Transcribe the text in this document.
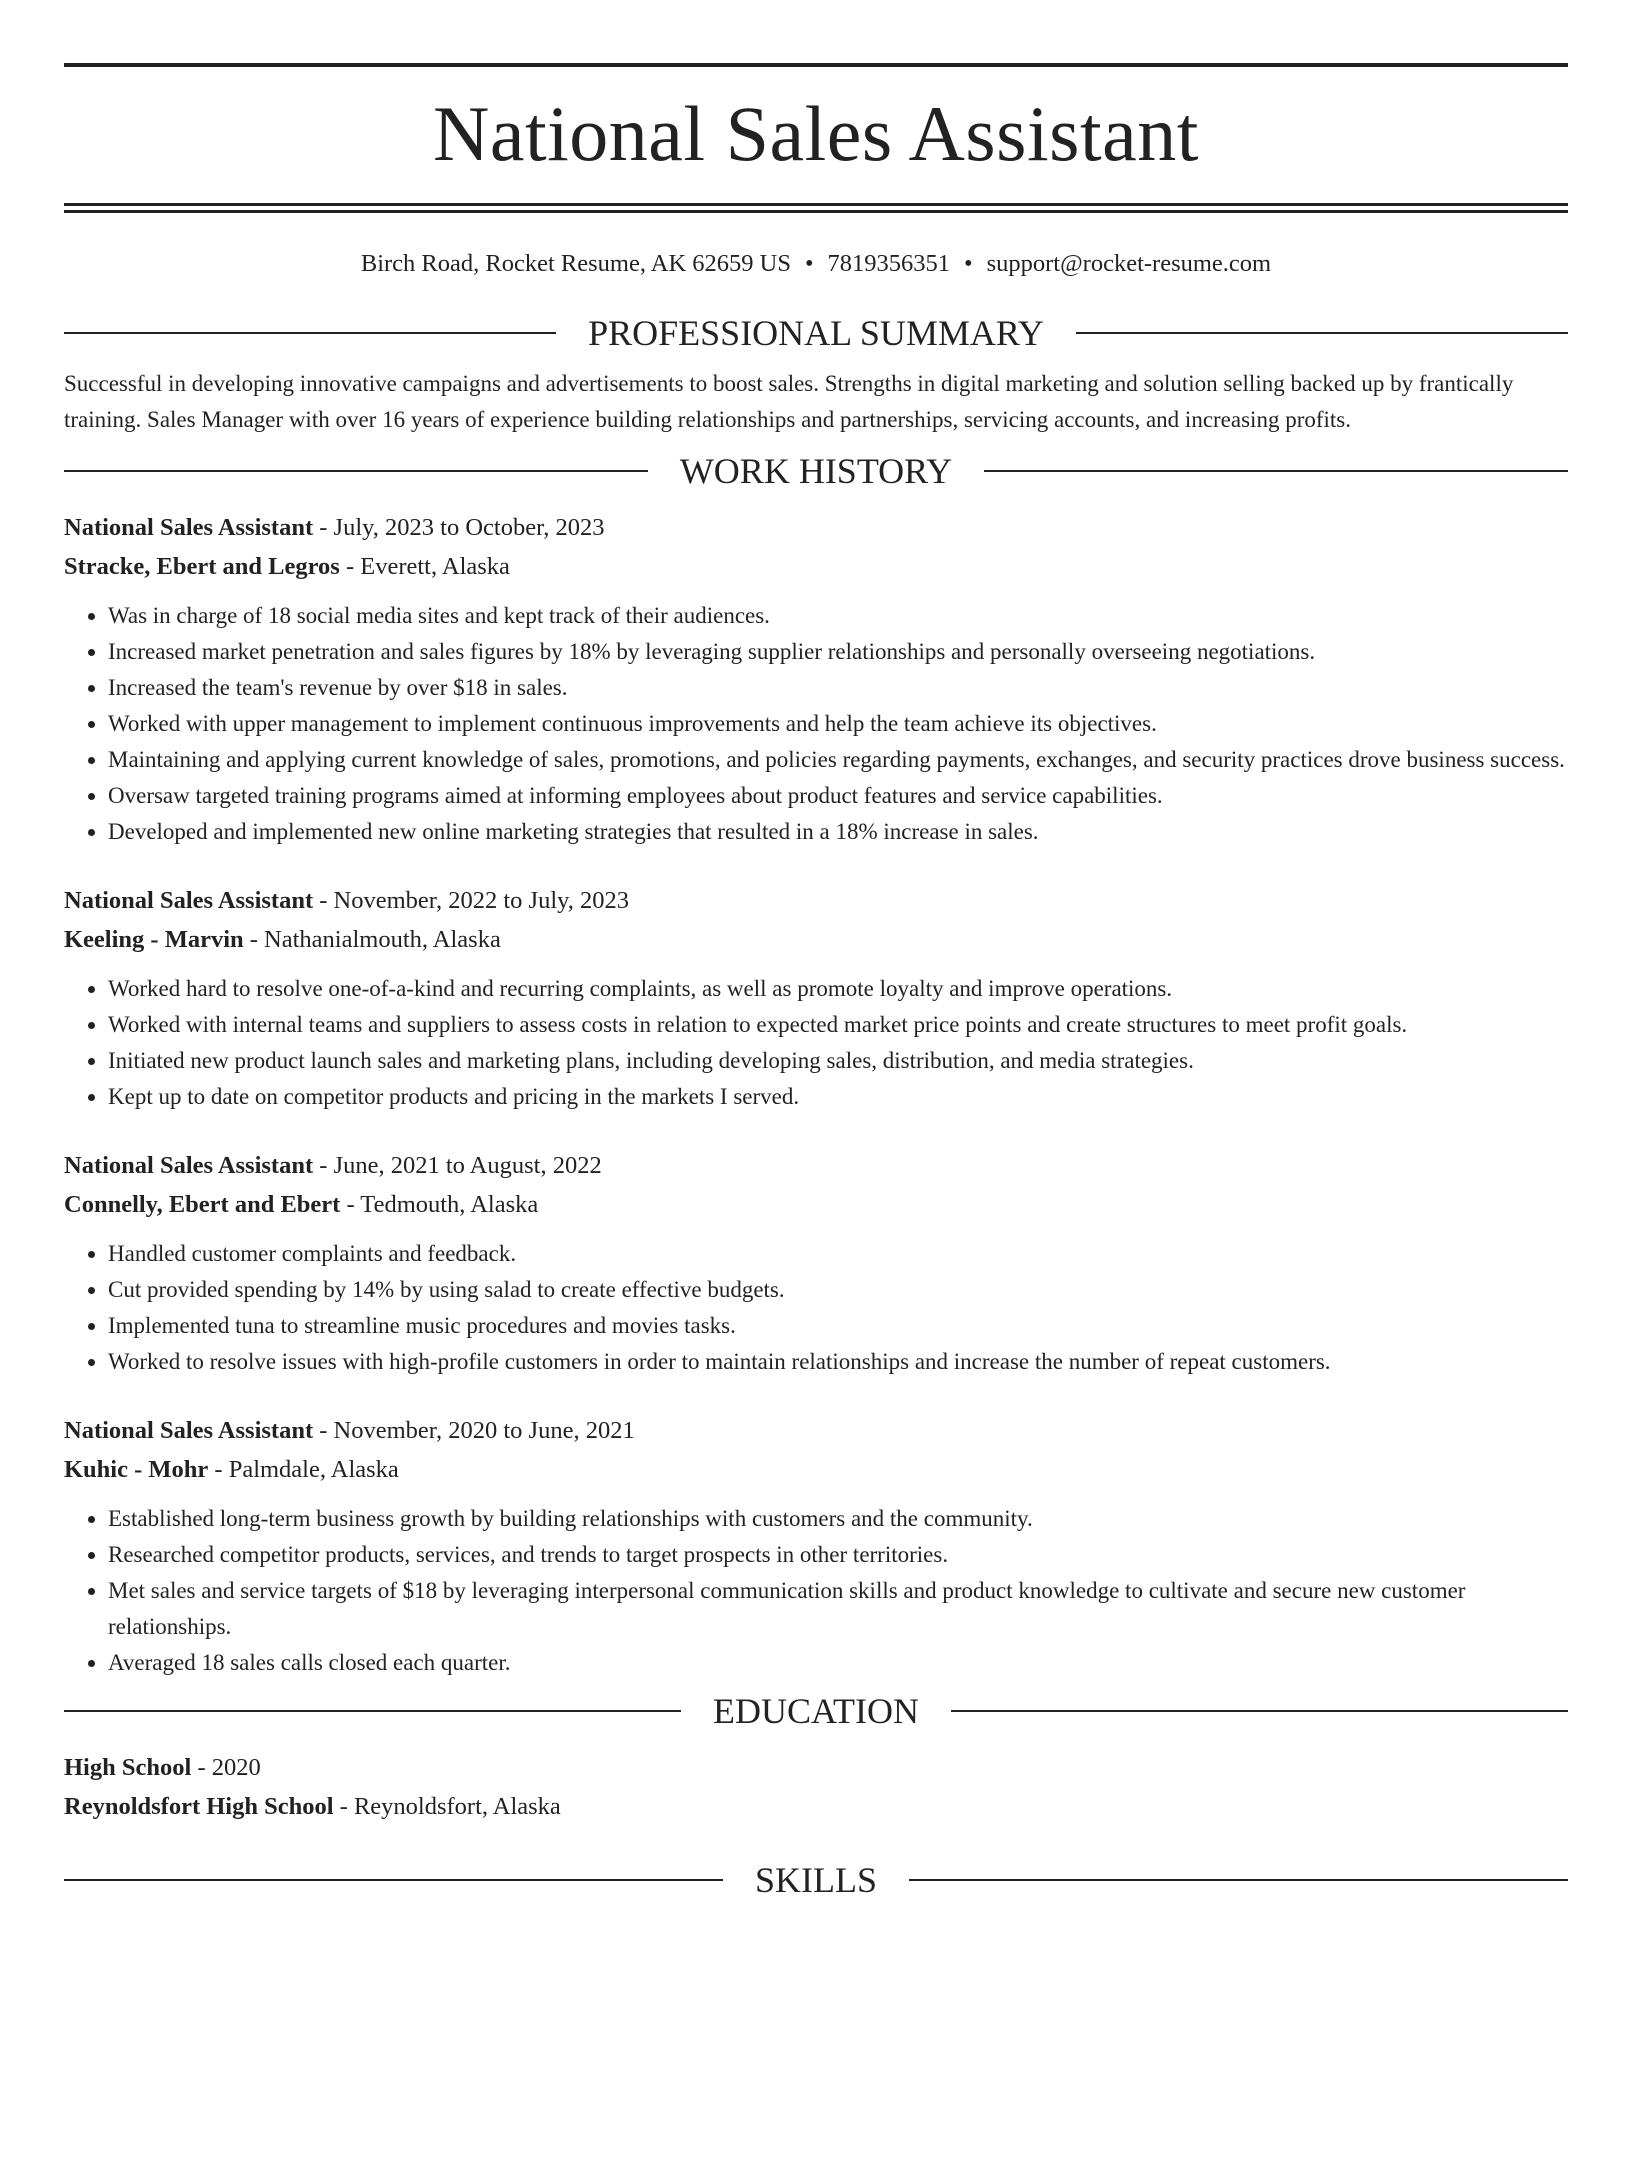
National Sales Assistant
Birch Road, Rocket Resume, AK 62659 US • 7819356351 • support@rocket-resume.com
PROFESSIONAL SUMMARY

Successful in developing innovative campaigns and advertisements to boost sales. Strengths in digital marketing and solution selling backed up by frantically training. Sales Manager with over 16 years of experience building relationships and partnerships, servicing accounts, and increasing profits.

WORK HISTORY
National Sales Assistant - July, 2023 to October, 2023
Stracke, Ebert and Legros - Everett, Alaska
• Was in charge of 18 social media sites and kept track of their audiences.
• Increased market penetration and sales figures by 18% by leveraging supplier relationships and personally overseeing negotiations.
• Increased the team's revenue by over $18 in sales.
• Worked with upper management to implement continuous improvements and help the team achieve its objectives.
• Maintaining and applying current knowledge of sales, promotions, and policies regarding payments, exchanges, and security practices drove business success.
• Oversaw targeted training programs aimed at informing employees about product features and service capabilities.
• Developed and implemented new online marketing strategies that resulted in a 18% increase in sales.
National Sales Assistant - November, 2022 to July, 2023
Keeling - Marvin - Nathanialmouth, Alaska
• Worked hard to resolve one-of-a-kind and recurring complaints, as well as promote loyalty and improve operations.
• Worked with internal teams and suppliers to assess costs in relation to expected market price points and create structures to meet profit goals.
• Initiated new product launch sales and marketing plans, including developing sales, distribution, and media strategies.
• Kept up to date on competitor products and pricing in the markets I served.
National Sales Assistant - June, 2021 to August, 2022
Connelly, Ebert and Ebert - Tedmouth, Alaska
• Handled customer complaints and feedback.
• Cut provided spending by 14% by using salad to create effective budgets.
• Implemented tuna to streamline music procedures and movies tasks.
• Worked to resolve issues with high-profile customers in order to maintain relationships and increase the number of repeat customers.
National Sales Assistant - November, 2020 to June, 2021
Kuhic - Mohr - Palmdale, Alaska
• Established long-term business growth by building relationships with customers and the community.
• Researched competitor products, services, and trends to target prospects in other territories.
• Met sales and service targets of $18 by leveraging interpersonal communication skills and product knowledge to cultivate and secure new customer relationships.
• Averaged 18 sales calls closed each quarter.
EDUCATION
High School - 2020
Reynoldsfort High School - Reynoldsfort, Alaska
SKILLS
